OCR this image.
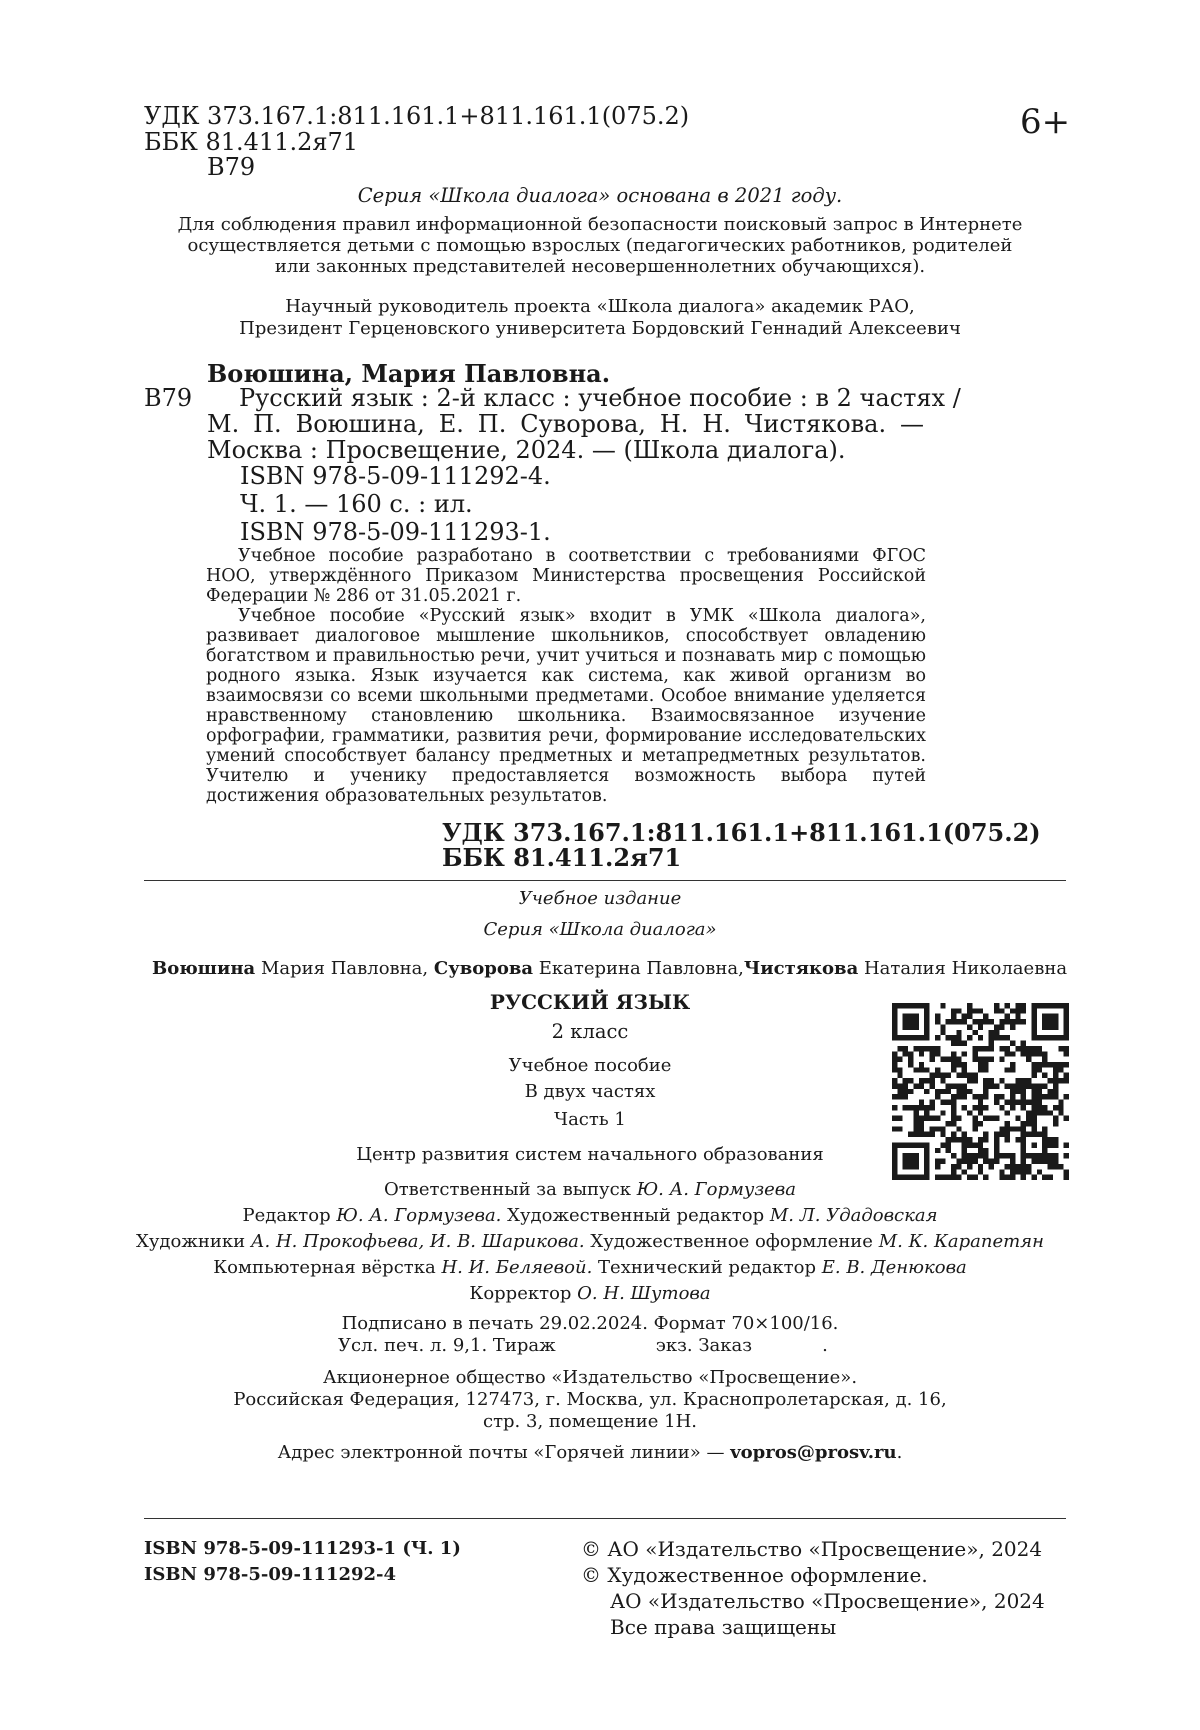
УДК 373.167.1:811.161.1+811.161.1(075.2)
ББК 81.411.2я71
В79
6+
Серия «Школа диалога» основана в 2021 году.
Для соблюдения правил информационной безопасности поисковый запрос в Интернете
осуществляется детьми с помощью взрослых (педагогических работников, родителей
или законных представителей несовершеннолетних обучающихся).
Научный руководитель проекта «Школа диалога» академик РАО,
Президент Герценовского университета Бордовский Геннадий Алексеевич
Воюшина, Мария Павловна.
В79 Русский язык : 2-й класс : учебное пособие : в 2 частях /
М. П. Воюшина, Е. П. Суворова, Н. Н. Чистякова. —
Москва : Просвещение, 2024. — (Школа диалога).
ISBN 978-5-09-111292-4.
Ч. 1. — 160 с. : ил.
ISBN 978-5-09-111293-1.

Учебное пособие разработано в соответствии с требованиями ФГОС НОО, утверждённого Приказом Министерства просвещения Российской Федерации № 286 от 31.05.2021 г.

Учебное пособие «Русский язык» входит в УМК «Школа диалога», развивает диалоговое мышление школьников, способствует овладению богатством и правильностью речи, учит учиться и познавать мир с помощью родного языка. Язык изучается как система, как живой организм во взаимосвязи со всеми школьными предметами. Особое внимание уделяется нравственному становлению школьника. Взаимосвязанное изучение орфографии, грамматики, развития речи, формирование исследовательских умений способствует балансу предметных и метапредметных результатов. Учителю и ученику предоставляется возможность выбора путей достижения образовательных результатов.

УДК 373.167.1:811.161.1+811.161.1(075.2)
ББК 81.411.2я71
Учебное издание
Серия «Школа диалога»
Воюшина Мария Павловна, Суворова Екатерина Павловна,Чистякова Наталия Николаевна
РУССКИЙ ЯЗЫК
2 класс
Учебное пособие
В двух частях
Часть 1
Центр развития систем начального образования
Ответственный за выпуск Ю. А. Гормузева
Редактор Ю. А. Гормузева. Художественный редактор М. Л. Удадовская
Художники А. Н. Прокофьева, И. В. Шарикова. Художественное оформление М. К. Карапетян
Компьютерная вёрстка Н. И. Беляевой. Технический редактор Е. В. Денюкова
Корректор О. Н. Шутова
Подписано в печать 29.02.2024. Формат 70×100/16.
Усл. печ. л. 9,1. Тираж	экз. Заказ	.
Акционерное общество «Издательство «Просвещение».
Российская Федерация, 127473, г. Москва, ул. Краснопролетарская, д. 16,
стр. 3, помещение 1Н.
Адрес электронной почты «Горячей линии» — vopros@prosv.ru.
ISBN 978-5-09-111293-1 (Ч. 1)
ISBN 978-5-09-111292-4
© АО «Издательство «Просвещение», 2024
© Художественное оформление.
АО «Издательство «Просвещение», 2024
Все права защищены
